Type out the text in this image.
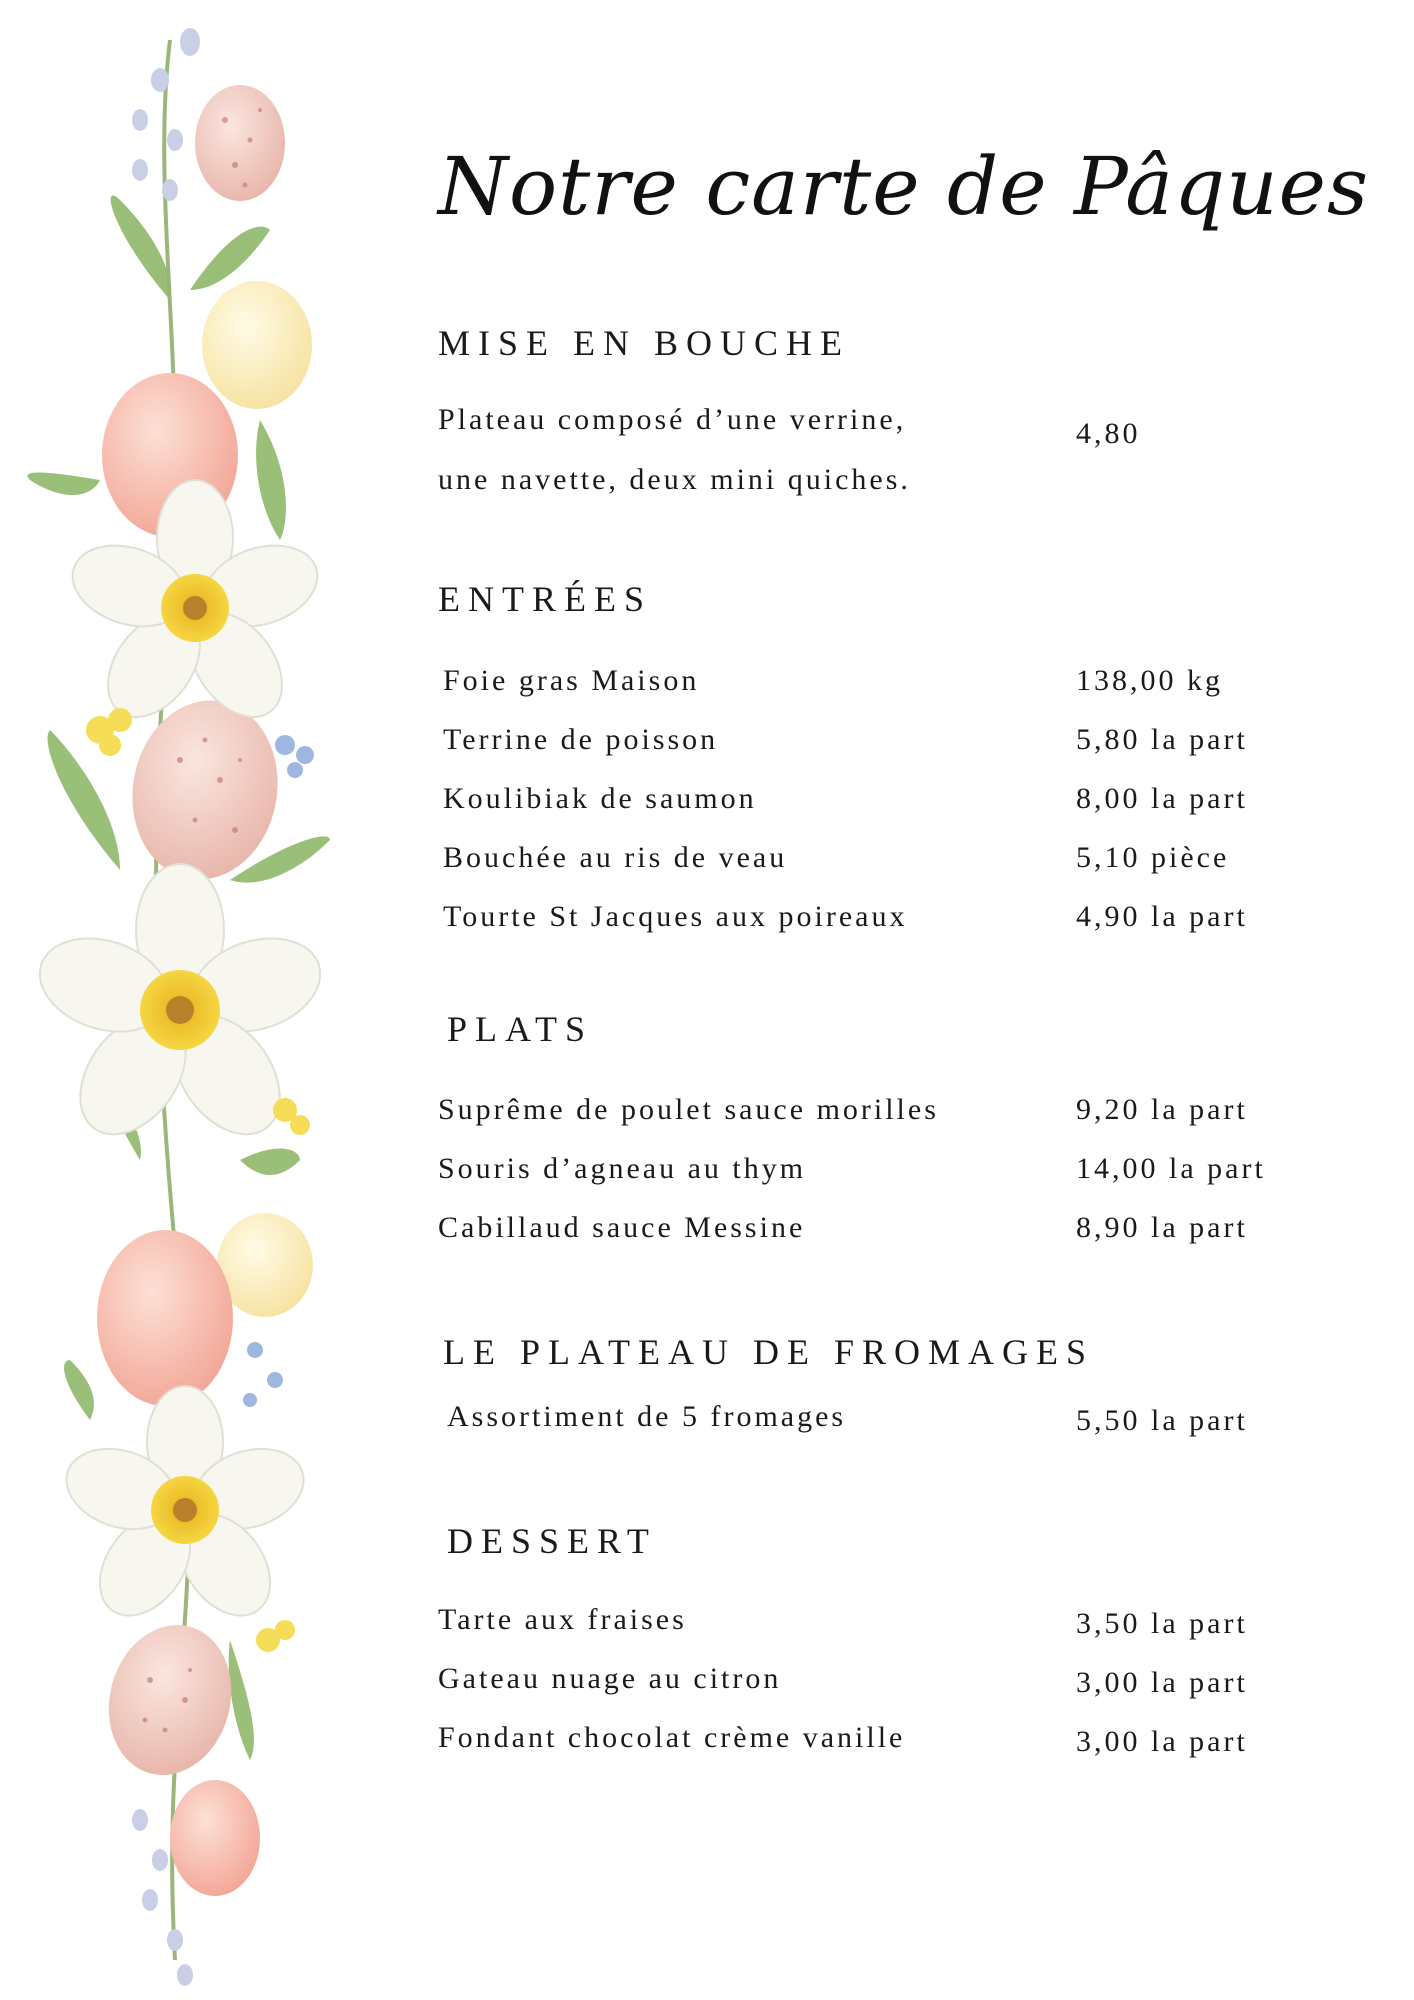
Notre carte de Pâques
MISE EN BOUCHE
Plateau composé d’une verrine,
une navette, deux mini quiches.
4,80
ENTRÉES
Foie gras Maison	138,00 kg
Terrine de poisson	5,80 la part
Koulibiak de saumon	8,00 la part
Bouchée au ris de veau	5,10 pièce
Tourte St Jacques aux poireaux	4,90 la part
PLATS
Suprême de poulet sauce morilles	9,20 la part
Souris d’agneau au thym	14,00 la part
Cabillaud sauce Messine	8,90 la part
LE PLATEAU DE FROMAGES
Assortiment de 5 fromages	5,50 la part
DESSERT
Tarte aux fraises	3,50 la part
Gateau nuage au citron	3,00 la part
Fondant chocolat crème vanille	3,00 la part
